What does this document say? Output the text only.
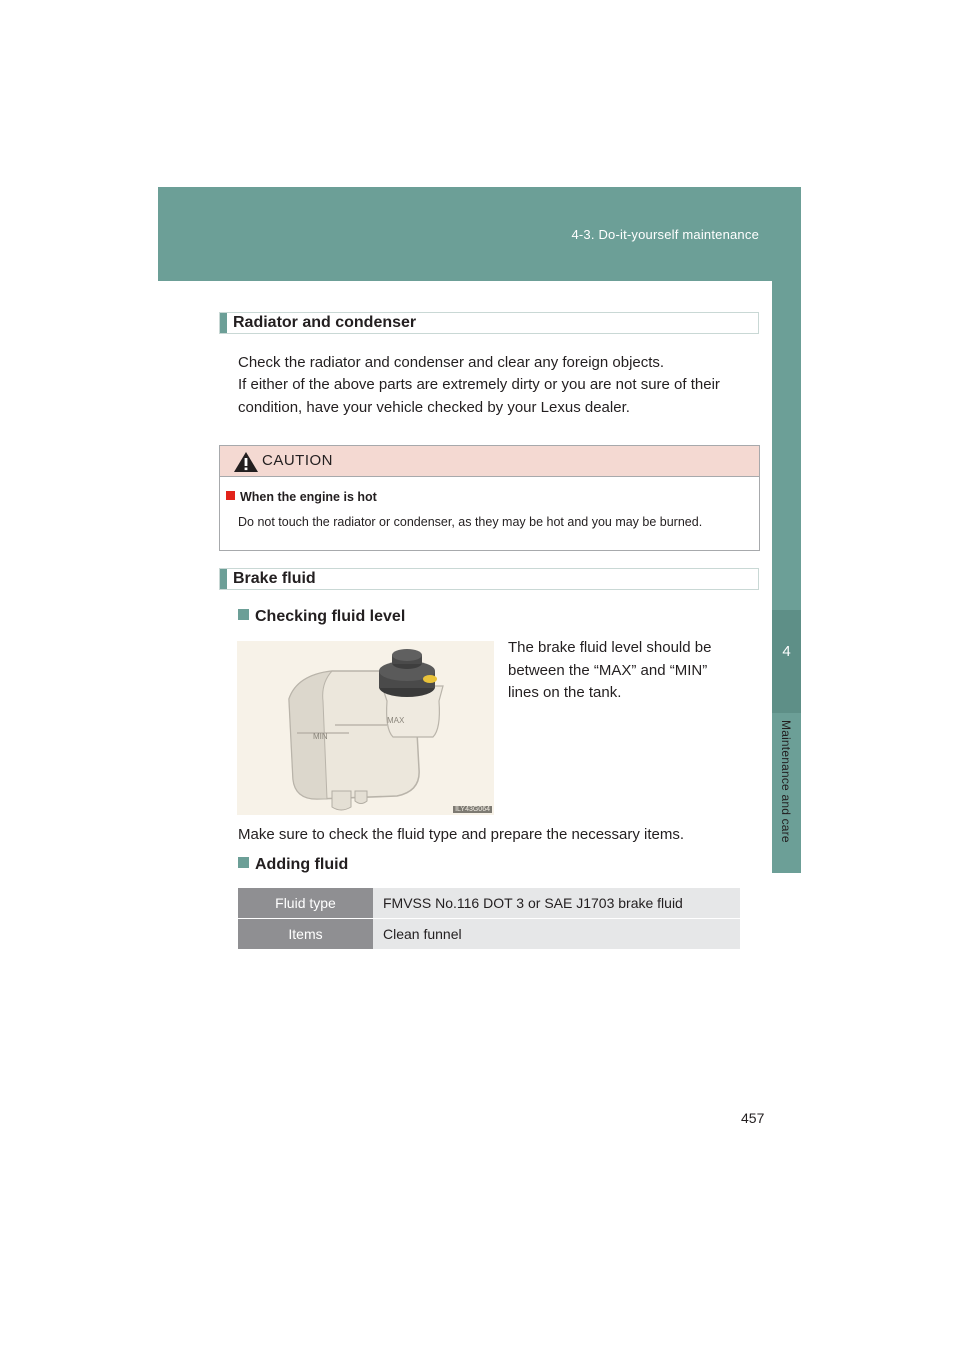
4-3. Do-it-yourself maintenance
4
Maintenance and care
Radiator and condenser
Check the radiator and condenser and clear any foreign objects.
If either of the above parts are extremely dirty or you are not sure of their
condition, have your vehicle checked by your Lexus dealer.
CAUTION
When the engine is hot
Do not touch the radiator or condenser, as they may be hot and you may be burned.
Brake fluid
Checking fluid level
MAX
MIN
ILY43G064
The brake fluid level should be
between the “MAX” and “MIN”
lines on the tank.
Make sure to check the fluid type and prepare the necessary items.
Adding fluid
Fluid type	FMVSS No.116 DOT 3 or SAE J1703 brake fluid
Items	Clean funnel
457
